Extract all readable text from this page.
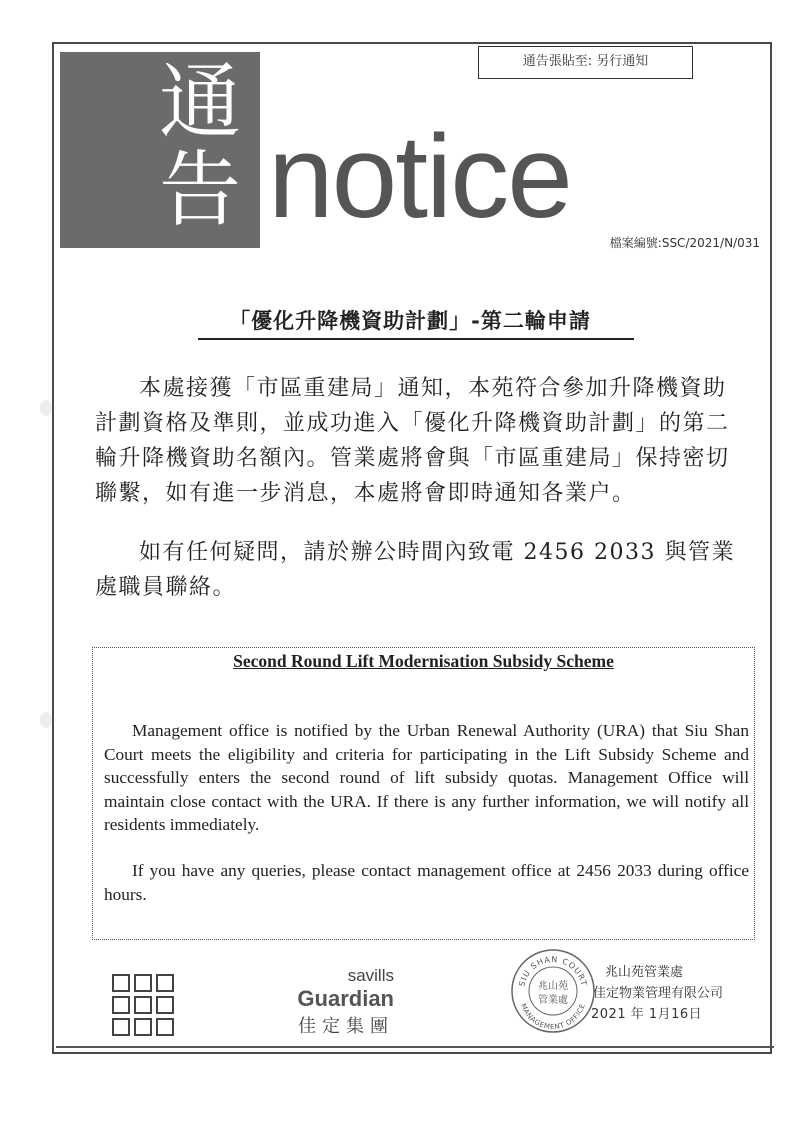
通
告 notice
通告張貼至: 另行通知
檔案編號:SSC/2021/N/031
「優化升降機資助計劃」-第二輪申請

本處接獲「市區重建局」通知，本苑符合參加升降機資助計劃資格及準則，並成功進入「優化升降機資助計劃」的第二輪升降機資助名額內。管業處將會與「市區重建局」保持密切聯繫，如有進一步消息，本處將會即時通知各業户。

如有任何疑問，請於辦公時間內致電 2456 2033 與管業處職員聯絡。

Second Round Lift Modernisation Subsidy Scheme

Management office is notified by the Urban Renewal Authority (URA) that Siu Shan Court meets the eligibility and criteria for participating in the Lift Subsidy Scheme and successfully enters the second round of lift subsidy quotas. Management Office will maintain close contact with the URA. If there is any further information, we will notify all residents immediately.

If you have any queries, please contact management office at 2456 2033 during office hours.

savills
Guardian
佳定集團
SIU SHAN COURT
MANAGEMENT OFFICE
兆山苑
管業處
兆山苑管業處
佳定物業管理有限公司
2021 年 1月16日
